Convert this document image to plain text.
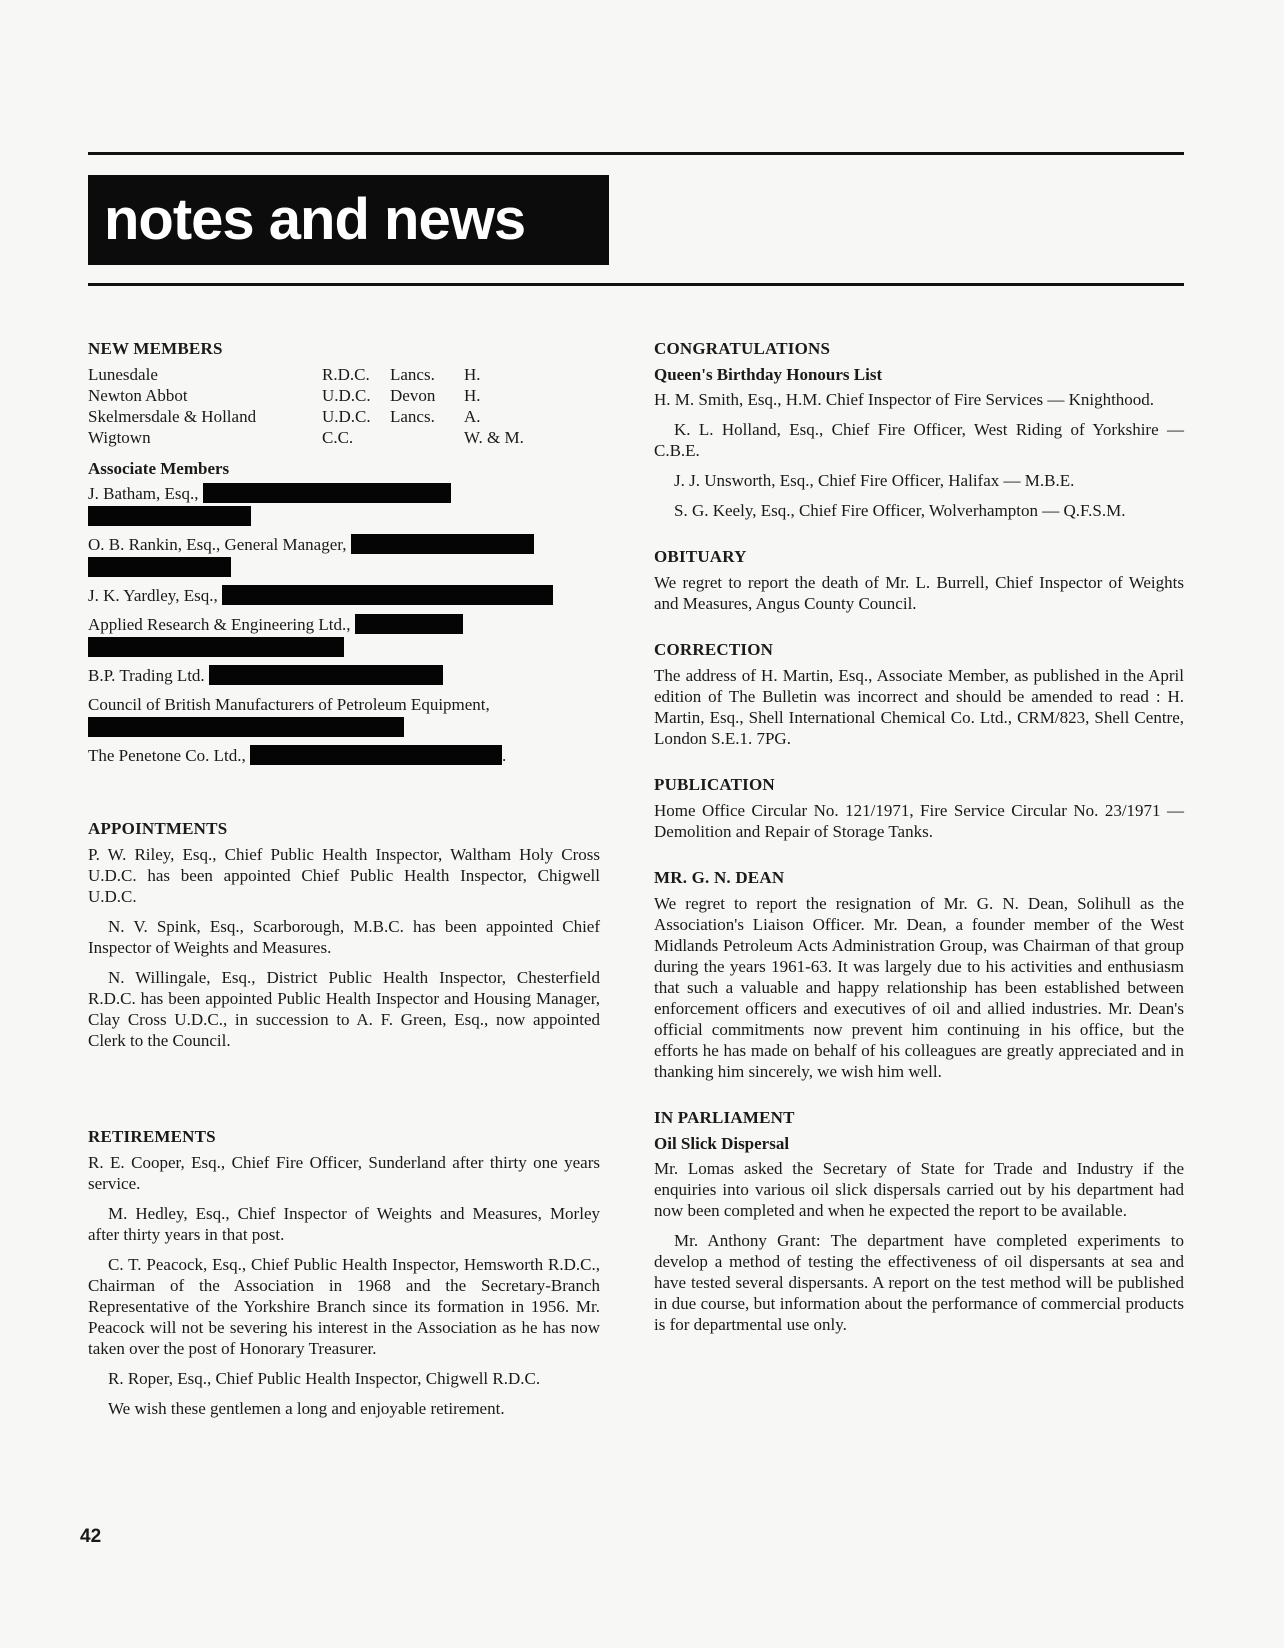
notes and news
NEW MEMBERS
Lunesdale	R.D.C.	Lancs.	H.
Newton Abbot	U.D.C.	Devon	H.
Skelmersdale & Holland	U.D.C.	Lancs.	A.
Wigtown	C.C.		W. & M.
Associate Members
J. Batham, Esq.,
O. B. Rankin, Esq., General Manager,
J. K. Yardley, Esq.,
Applied Research & Engineering Ltd.,
B.P. Trading Ltd.
Council of British Manufacturers of Petroleum Equipment,
The Penetone Co. Ltd.,	.
APPOINTMENTS

P. W. Riley, Esq., Chief Public Health Inspector, Waltham Holy Cross U.D.C. has been appointed Chief Public Health Inspector, Chigwell U.D.C.

N. V. Spink, Esq., Scarborough, M.B.C. has been appointed Chief Inspector of Weights and Measures.

N. Willingale, Esq., District Public Health Inspector, Chesterfield R.D.C. has been appointed Public Health Inspector and Housing Manager, Clay Cross U.D.C., in succession to A. F. Green, Esq., now appointed Clerk to the Council.

RETIREMENTS

R. E. Cooper, Esq., Chief Fire Officer, Sunderland after thirty one years service.

M. Hedley, Esq., Chief Inspector of Weights and Measures, Morley after thirty years in that post.

C. T. Peacock, Esq., Chief Public Health Inspector, Hemsworth R.D.C., Chairman of the Association in 1968 and the Secretary-Branch Representative of the Yorkshire Branch since its formation in 1956. Mr. Peacock will not be severing his interest in the Association as he has now taken over the post of Honorary Treasurer.

R. Roper, Esq., Chief Public Health Inspector, Chigwell R.D.C.

We wish these gentlemen a long and enjoyable retirement.

CONGRATULATIONS
Queen's Birthday Honours List

H. M. Smith, Esq., H.M. Chief Inspector of Fire Services — Knighthood.

K. L. Holland, Esq., Chief Fire Officer, West Riding of Yorkshire — C.B.E.

J. J. Unsworth, Esq., Chief Fire Officer, Halifax — M.B.E.

S. G. Keely, Esq., Chief Fire Officer, Wolverhampton — Q.F.S.M.

OBITUARY

We regret to report the death of Mr. L. Burrell, Chief Inspector of Weights and Measures, Angus County Council.

CORRECTION

The address of H. Martin, Esq., Associate Member, as published in the April edition of The Bulletin was incorrect and should be amended to read : H. Martin, Esq., Shell International Chemical Co. Ltd., CRM/823, Shell Centre, London S.E.1. 7PG.

PUBLICATION

Home Office Circular No. 121/1971, Fire Service Circular No. 23/1971 — Demolition and Repair of Storage Tanks.

MR. G. N. DEAN

We regret to report the resignation of Mr. G. N. Dean, Solihull as the Association's Liaison Officer. Mr. Dean, a founder member of the West Midlands Petroleum Acts Administration Group, was Chairman of that group during the years 1961-63. It was largely due to his activities and enthusiasm that such a valuable and happy relationship has been established between enforcement officers and executives of oil and allied industries. Mr. Dean's official commitments now prevent him continuing in his office, but the efforts he has made on behalf of his colleagues are greatly appreciated and in thanking him sincerely, we wish him well.

IN PARLIAMENT
Oil Slick Dispersal

Mr. Lomas asked the Secretary of State for Trade and Industry if the enquiries into various oil slick dispersals carried out by his department had now been completed and when he expected the report to be available.

Mr. Anthony Grant: The department have completed experiments to develop a method of testing the effectiveness of oil dispersants at sea and have tested several dispersants. A report on the test method will be published in due course, but information about the performance of commercial products is for departmental use only.

42
